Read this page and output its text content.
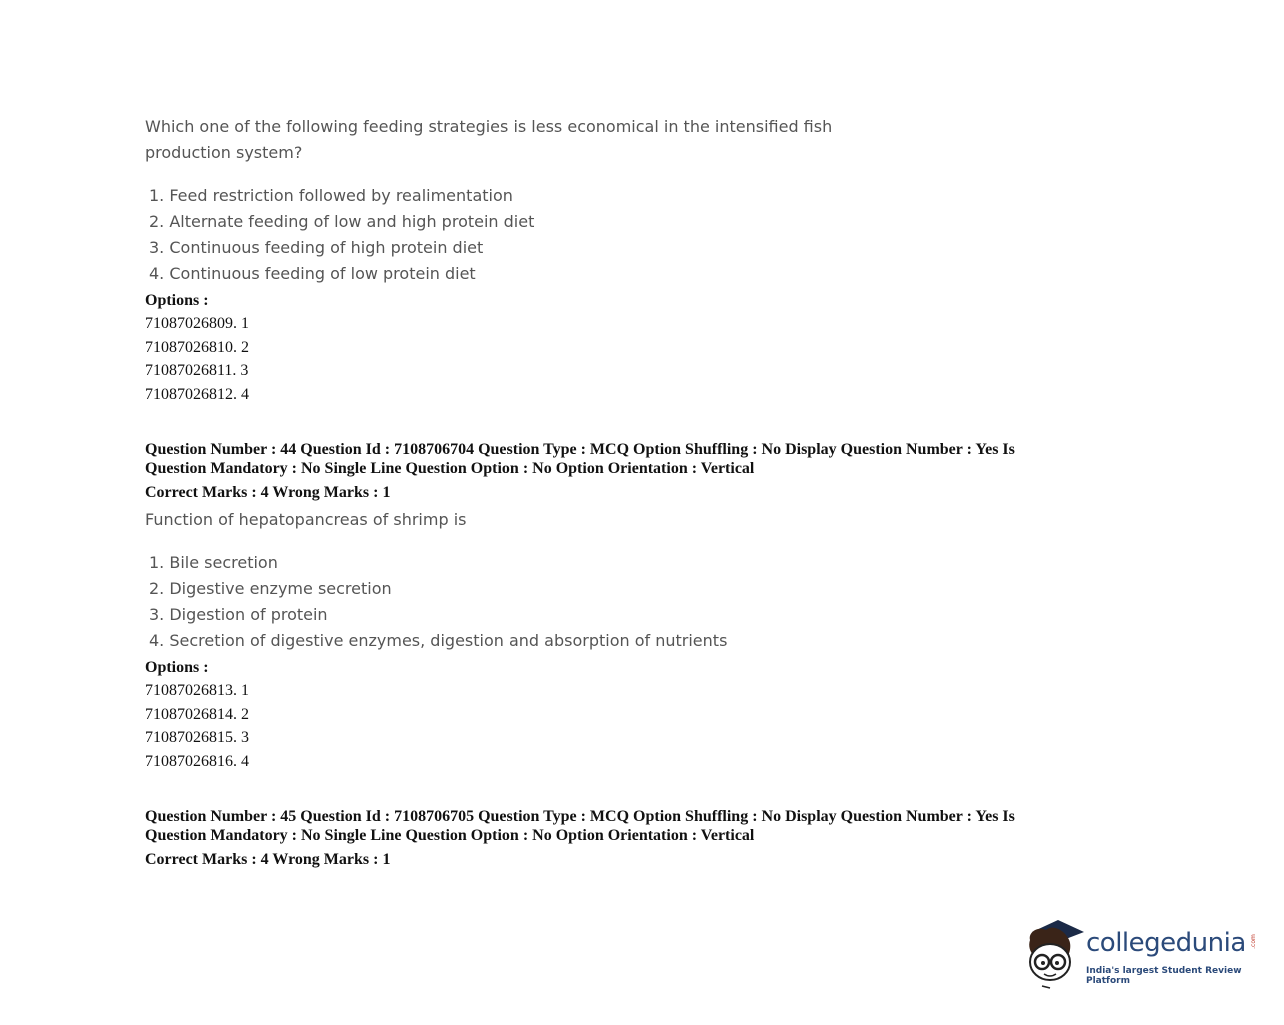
Which one of the following feeding strategies is less economical in the intensified fish
production system?
1. Feed restriction followed by realimentation
2. Alternate feeding of low and high protein diet
3. Continuous feeding of high protein diet
4. Continuous feeding of low protein diet
Options :
71087026809. 1
71087026810. 2
71087026811. 3
71087026812. 4
Question Number : 44 Question Id : 7108706704 Question Type : MCQ Option Shuffling : No Display Question Number : Yes Is
Question Mandatory : No Single Line Question Option : No Option Orientation : Vertical
Correct Marks : 4 Wrong Marks : 1
Function of hepatopancreas of shrimp is
1. Bile secretion
2. Digestive enzyme secretion
3. Digestion of protein
4. Secretion of digestive enzymes, digestion and absorption of nutrients
Options :
71087026813. 1
71087026814. 2
71087026815. 3
71087026816. 4
Question Number : 45 Question Id : 7108706705 Question Type : MCQ Option Shuffling : No Display Question Number : Yes Is
Question Mandatory : No Single Line Question Option : No Option Orientation : Vertical
Correct Marks : 4 Wrong Marks : 1
collegedunia .com
India's largest Student Review Platform
